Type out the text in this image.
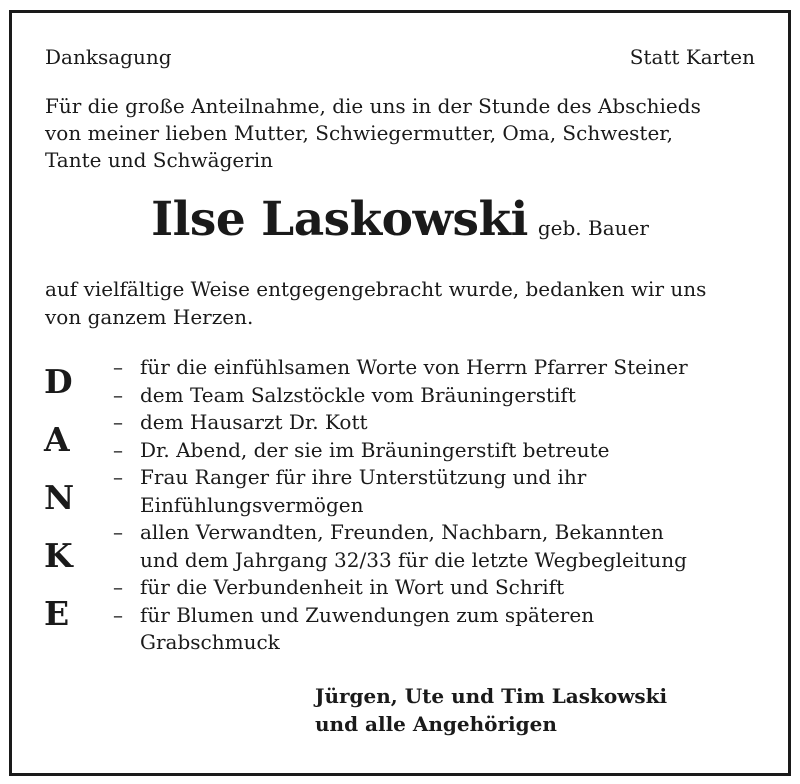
Danksagung	Statt Karten
Für die große Anteilnahme, die uns in der Stunde des Abschieds
von meiner lieben Mutter, Schwiegermutter, Oma, Schwester,
Tante und Schwägerin
Ilse Laskowski geb. Bauer
auf vielfältige Weise entgegengebracht wurde, bedanken wir uns
von ganzem Herzen.
D
A
N
K
E
– für die einfühlsamen Worte von Herrn Pfarrer Steiner
– dem Team Salzstöckle vom Bräuningerstift
– dem Hausarzt Dr. Kott
– Dr. Abend, der sie im Bräuningerstift betreute
– Frau Ranger für ihre Unterstützung und ihr
Einfühlungsvermögen
– allen Verwandten, Freunden, Nachbarn, Bekannten
und dem Jahrgang 32/33 für die letzte Wegbegleitung
– für die Verbundenheit in Wort und Schrift
– für Blumen und Zuwendungen zum späteren
Grabschmuck
Jürgen, Ute und Tim Laskowski
und alle Angehörigen
